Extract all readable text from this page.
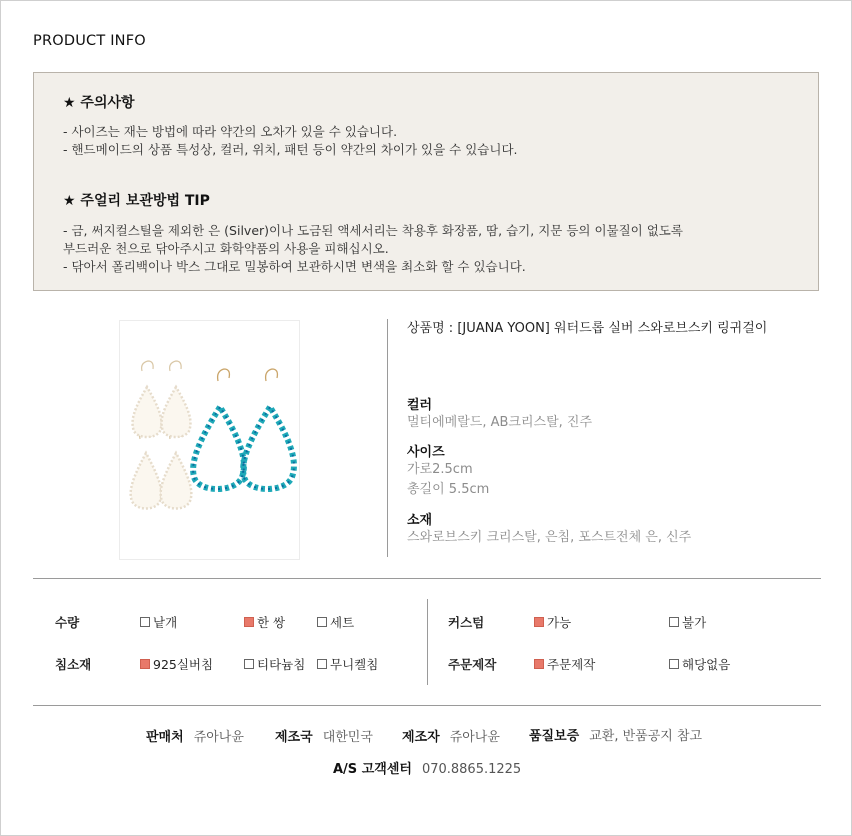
PRODUCT INFO
★ 주의사항
- 사이즈는 재는 방법에 따라 약간의 오차가 있을 수 있습니다.
- 핸드메이드의 상품 특성상, 컬러, 위치, 패턴 등이 약간의 차이가 있을 수 있습니다.
★ 주얼리 보관방법 TIP
- 금, 써지컬스틸을 제외한 은 (Silver)이나 도금된 액세서리는 착용후 화장품, 땀, 습기, 지문 등의 이물질이 없도록
부드러운 천으로 닦아주시고 화학약품의 사용을 피해십시오.
- 닦아서 폴리백이나 박스 그대로 밀봉하여 보관하시면 변색을 최소화 할 수 있습니다.
상품명 : [JUANA YOON] 워터드롭 실버 스와로브스키 링귀걸이
컬러
멀티에메랄드, AB크리스탈, 진주
사이즈
가로2.5cm
총길이 5.5cm
소재
스와로브스키 크리스탈, 은침, 포스트전체 은, 신주
수량	낱개	한 쌍	세트
침소재	925실버침	티타늄침	무니켈침
커스텀	가능	불가
주문제작	주문제작	해당없음
판매처 쥬아나윤 제조국 대한민국 제조자 쥬아나윤 품질보증 교환, 반품공지 참고
A/S 고객센터 070.8865.1225
